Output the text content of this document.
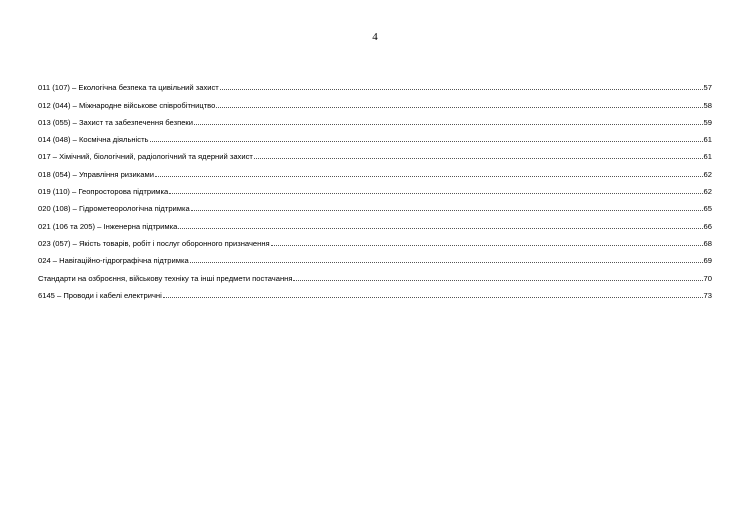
4
011 (107) – Екологічна безпека та цивільний захист	57
012 (044) – Міжнародне військове співробітництво	58
013 (055) – Захист та забезпечення безпеки	59
014 (048) – Космічна діяльність	61
017 – Хімічний, біологічний, радіологічний та ядерний захист	61
018 (054) – Управління ризиками	62
019 (110) – Геопросторова підтримка	62
020 (108) – Гідрометеорологічна підтримка	65
021 (106 та 205) – Інженерна підтримка	66
023 (057) – Якість товарів, робіт і послуг оборонного призначення	68
024 – Навігаційно-гідрографічна підтримка	69
Стандарти на озброєння, військову техніку та інші предмети постачання	70
6145 – Проводи і кабелі електричні	73
